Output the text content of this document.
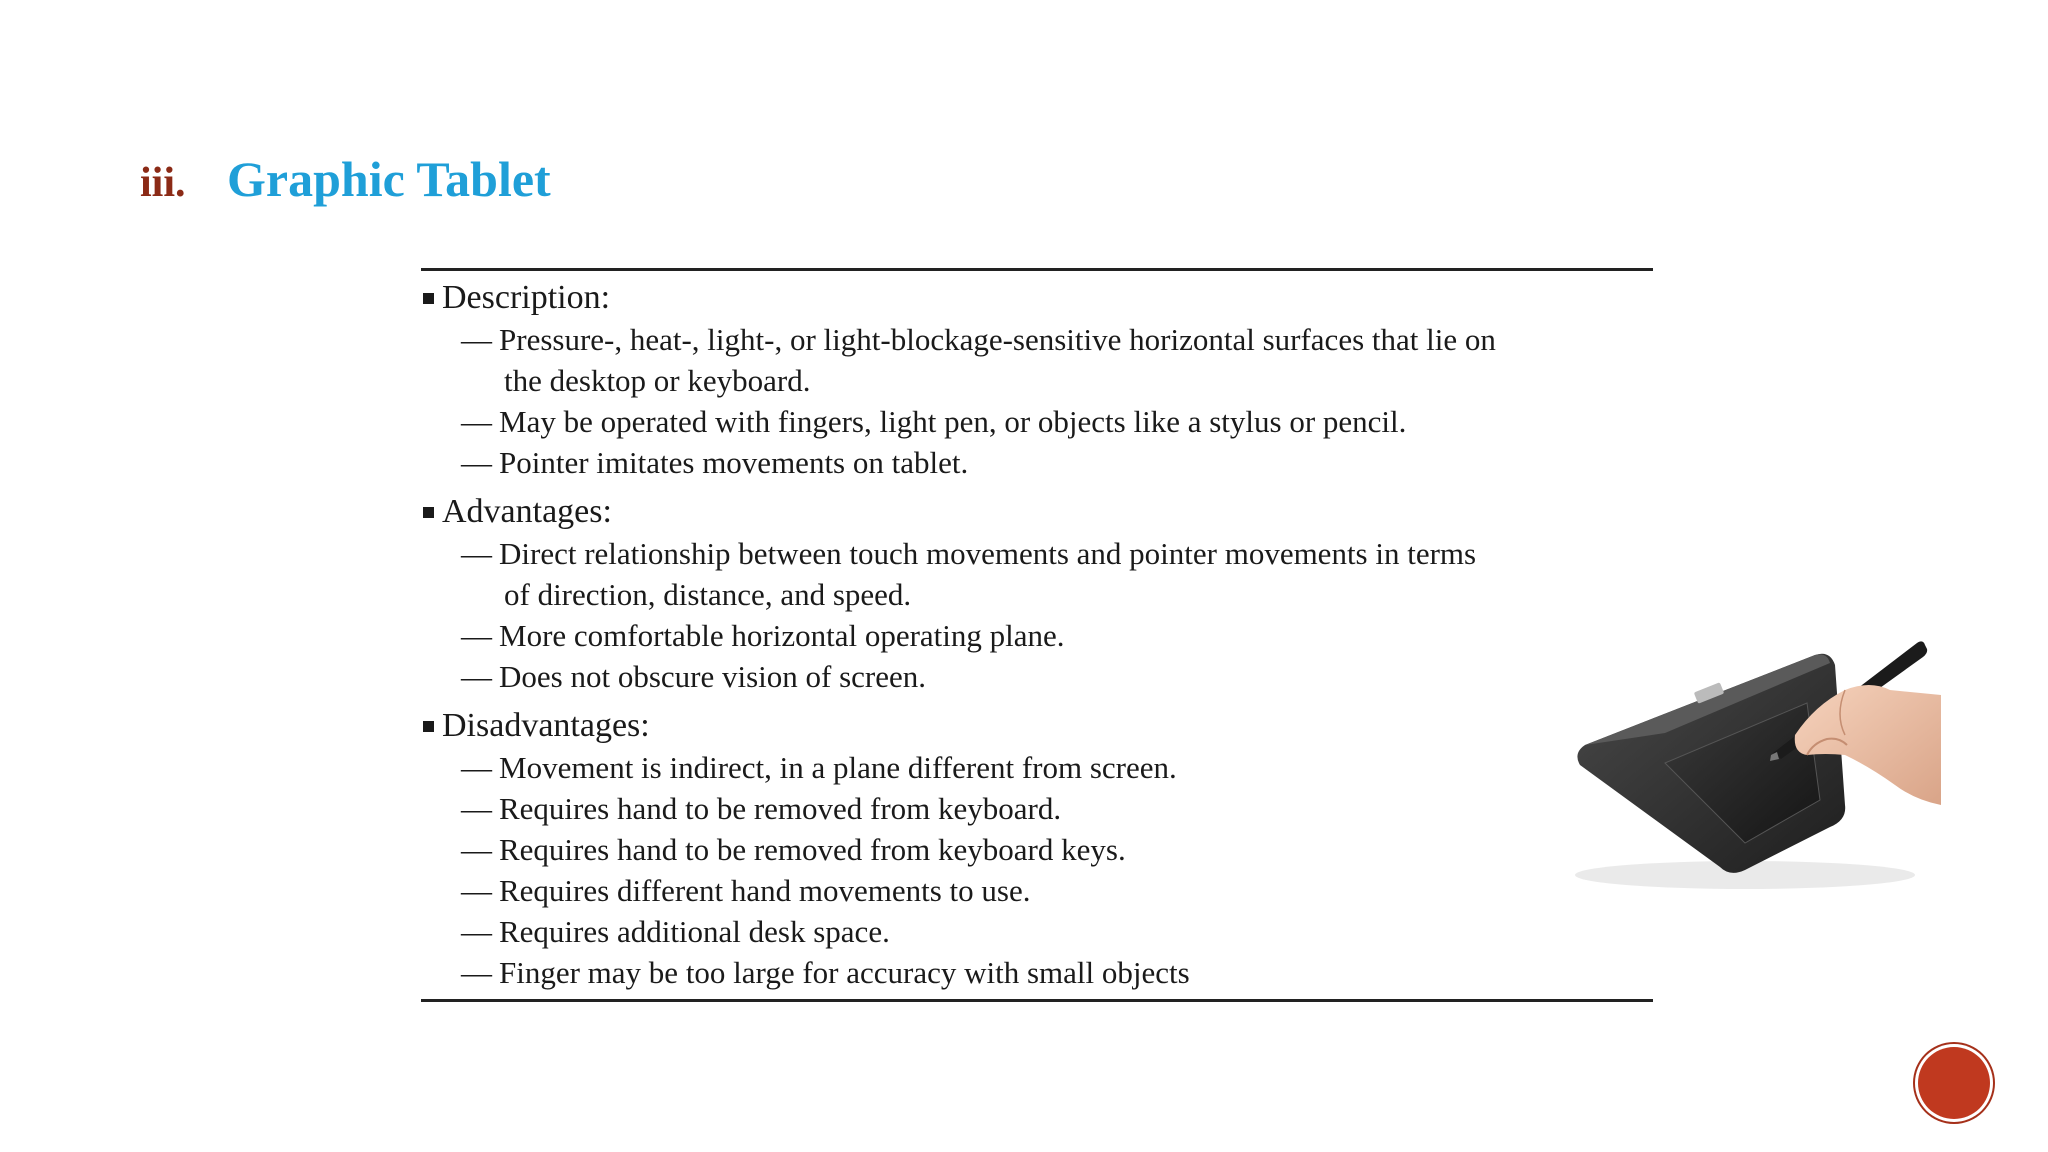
iii. Graphic Tablet
Description:
— Pressure-, heat-, light-, or light-blockage-sensitive horizontal surfaces that lie on
the desktop or keyboard.
— May be operated with fingers, light pen, or objects like a stylus or pencil.
— Pointer imitates movements on tablet.
Advantages:
— Direct relationship between touch movements and pointer movements in terms
of direction, distance, and speed.
— More comfortable horizontal operating plane.
— Does not obscure vision of screen.
Disadvantages:
— Movement is indirect, in a plane different from screen.
— Requires hand to be removed from keyboard.
— Requires hand to be removed from keyboard keys.
— Requires different hand movements to use.
— Requires additional desk space.
— Finger may be too large for accuracy with small objects
